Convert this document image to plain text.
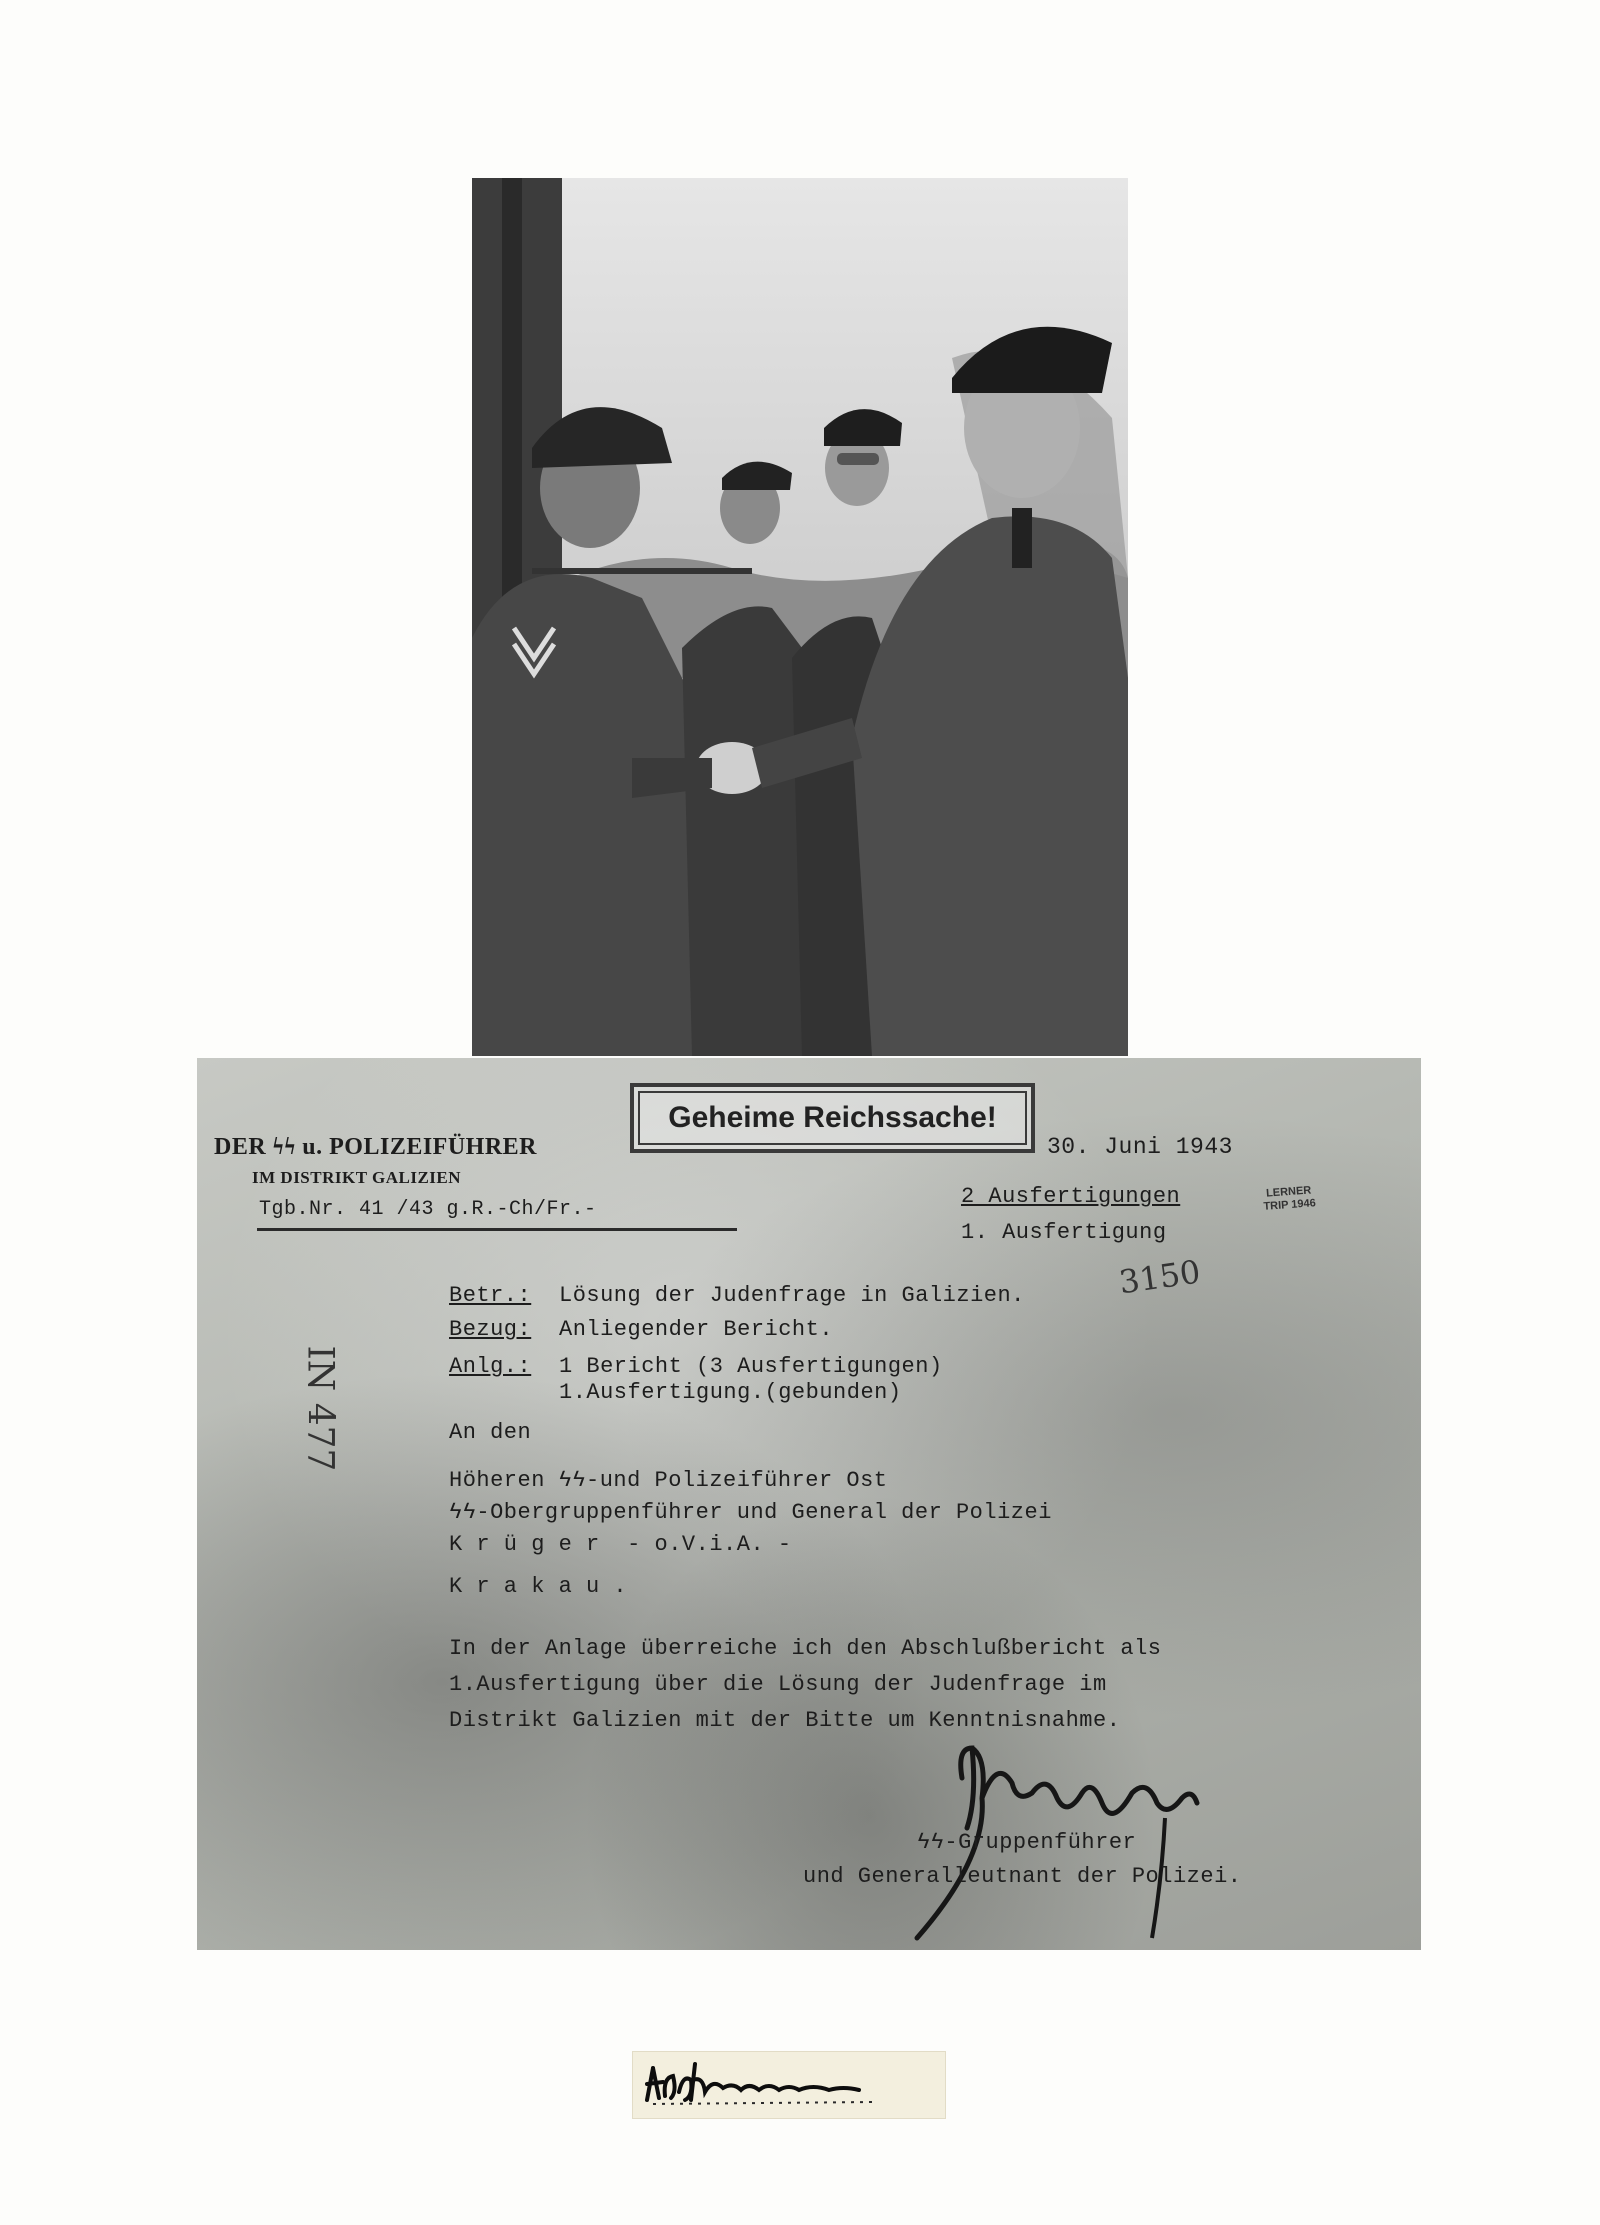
Geheime Reichssache!
DER ϟϟ u. POLIZEIFÜHRER
IM DISTRIKT GALIZIEN
Tgb.Nr. 41 /43 g.R.-Ch/Fr.-
30. Juni 1943
2 Ausfertigungen
1. Ausfertigung
LERNER
TRIP 1946
3150
IN 477
Betr.: Lösung der Judenfrage in Galizien.
Bezug: Anliegender Bericht.
Anlg.: 1 Bericht (3 Ausfertigungen)
1.Ausfertigung.(gebunden)
An den
Höheren ϟϟ-und Polizeiführer Ost
ϟϟ-Obergruppenführer und General der Polizei
K r ü g e r  - o.V.i.A. -
K r a k a u .
In der Anlage überreiche ich den Abschlußbericht als
1.Ausfertigung über die Lösung der Judenfrage im
Distrikt Galizien mit der Bitte um Kenntnisnahme.
ϟϟ-Gruppenführer
und Generalleutnant der Polizei.
